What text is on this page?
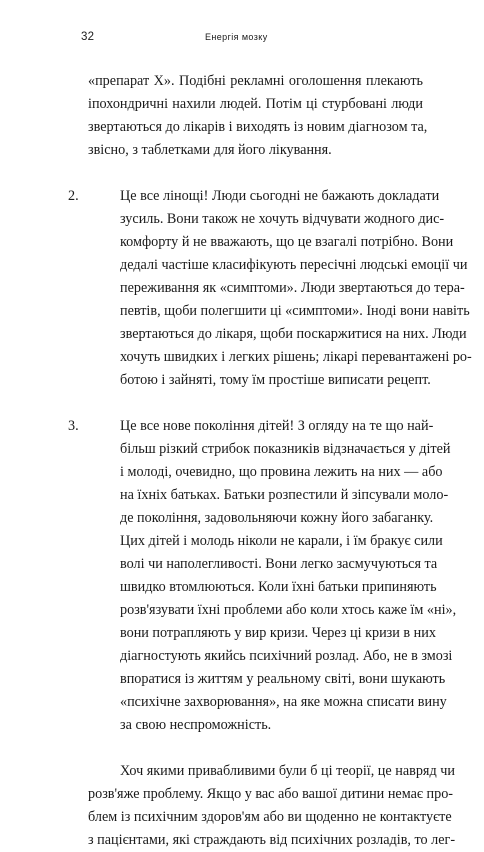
32	Енергія мозку
«препарат X». Подібні рекламні оголошення плекають
іпохондричні нахили людей. Потім ці стурбовані люди
звертаються до лікарів і виходять із новим діагнозом та,
звісно, з таблетками для його лікування.
2.	Це все лінощі! Люди сьогодні не бажають докладати
зусиль. Вони також не хочуть відчувати жодного дис-
комфорту й не вважають, що це взагалі потрібно. Вони
дедалі частіше класифікують пересічні людські емоції чи
переживання як «симптоми». Люди звертаються до тера-
певтів, щоби полегшити ці «симптоми». Іноді вони навіть
звертаються до лікаря, щоби поскаржитися на них. Люди
хочуть швидких і легких рішень; лікарі перевантажені ро-
ботою і зайняті, тому їм простіше виписати рецепт.
3.	Це все нове покоління дітей! З огляду на те що най-
більш різкий стрибок показників відзначається у дітей
і молоді, очевидно, що провина лежить на них — або
на їхніх батьках. Батьки розпестили й зіпсували моло-
де покоління, задовольняючи кожну його забаганку.
Цих дітей і молодь ніколи не карали, і їм бракує сили
волі чи наполегливості. Вони легко засмучуються та
швидко втомлюються. Коли їхні батьки припиняють
розв'язувати їхні проблеми або коли хтось каже їм «ні»,
вони потрапляють у вир кризи. Через ці кризи в них
діагностують якийсь психічний розлад. Або, не в змозі
впоратися із життям у реальному світі, вони шукають
«психічне захворювання», на яке можна списати вину
за свою неспроможність.
Хоч якими привабливими були б ці теорії, це навряд чи
розв'яже проблему. Якщо у вас або вашої дитини немає про-
блем із психічним здоров'ям або ви щоденно не контактуєте
з пацієнтами, які страждають від психічних розладів, то лег-
